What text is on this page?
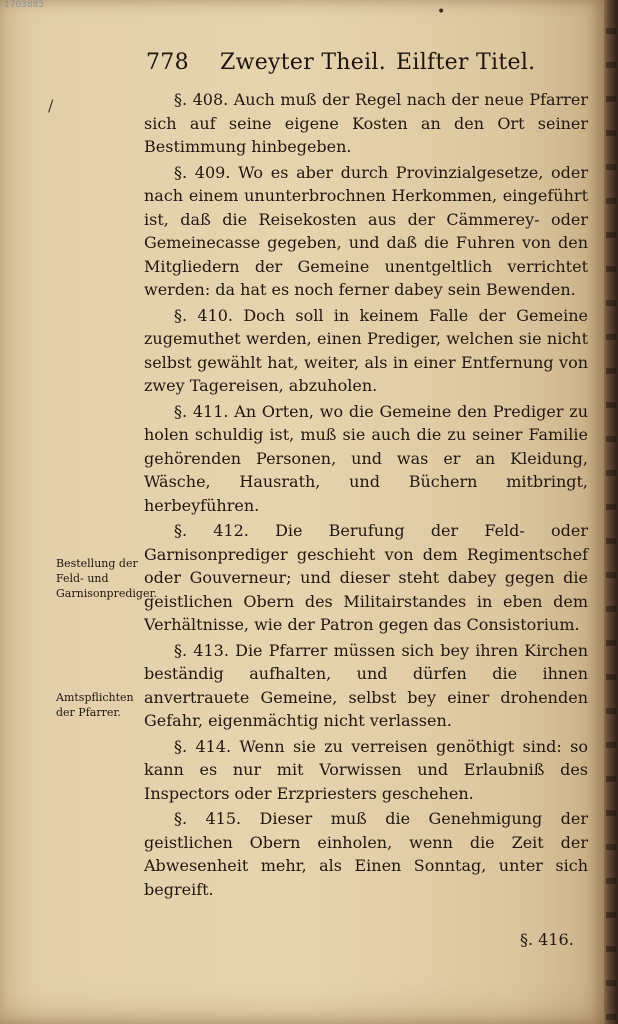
1703885	•
778 Zweyter Theil. Eilfter Titel.
/	§. 408. Auch muß der Regel nach der neue Pfarrer sich auf seine eigene Kosten an den Ort seiner Bestimmung hinbegeben.

§. 409. Wo es aber durch Provinzialgesetze, oder nach einem ununterbrochnen Herkommen, eingeführt ist, daß die Reisekosten aus der Cämmerey- oder Gemeinecasse gegeben, und daß die Fuhren von den Mitgliedern der Gemeine unentgeltlich verrichtet werden: da hat es noch ferner dabey sein Bewenden.

§. 410. Doch soll in keinem Falle der Gemeine zugemuthet werden, einen Prediger, welchen sie nicht selbst gewählt hat, weiter, als in einer Entfernung von zwey Tagereisen, abzuholen.

§. 411. An Orten, wo die Gemeine den Prediger zu holen schuldig ist, muß sie auch die zu seiner Familie gehörenden Personen, und was er an Kleidung, Wäsche, Hausrath, und Büchern mitbringt, herbeyführen.

§. 412. Die Berufung der Feld- oder Garnisonprediger geschieht von dem Regimentschef oder Gouverneur; und dieser steht dabey gegen die geistlichen Obern des Militairstandes in eben dem Verhältnisse, wie der Patron gegen das Consistorium.

§. 413. Die Pfarrer müssen sich bey ihren Kirchen beständig aufhalten, und dürfen die ihnen anvertrauete Gemeine, selbst bey einer drohenden Gefahr, eigenmächtig nicht verlassen.

§. 414. Wenn sie zu verreisen genöthigt sind: so kann es nur mit Vorwissen und Erlaubniß des Inspectors oder Erzpriesters geschehen.

§. 415. Dieser muß die Genehmigung der geistlichen Obern einholen, wenn die Zeit der Abwesenheit mehr, als Einen Sonntag, unter sich begreift.

Bestellung der Feld- und Garnisonprediger.
Amtspflichten der Pfarrer.
§. 416.
